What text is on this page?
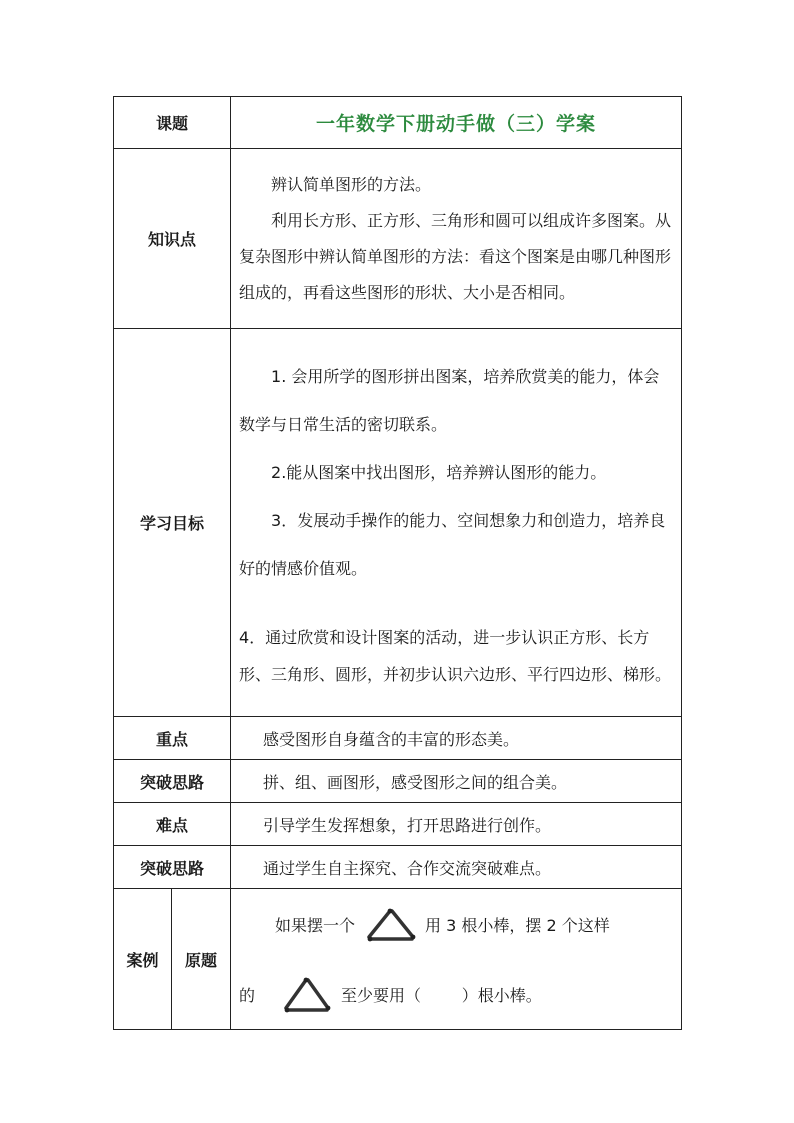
课题		一年数学下册动手做（三）学案
知识点		辨认简单图形的方法。

利用长方形、正方形、三角形和圆可以组成许多图案。从复杂图形中辨认简单图形的方法：看这个图案是由哪几种图形组成的，再看这些图形的形状、大小是否相同。

学习目标		1. 会用所学的图形拼出图案，培养欣赏美的能力，体会数学与日常生活的密切联系。

2.能从图案中找出图形，培养辨认图形的能力。

3．发展动手操作的能力、空间想象力和创造力，培养良好的情感价值观。

4．通过欣赏和设计图案的活动，进一步认识正方形、长方形、三角形、圆形，并初步认识六边形、平行四边形、梯形。

重点		感受图形自身蕴含的丰富的形态美。

突破思路		拼、组、画图形，感受图形之间的组合美。

难点		引导学生发挥想象，打开思路进行创作。

突破思路		通过学生自主探究、合作交流突破难点。

案例	原题	如果摆一个 用 3 根小棒，摆 2 个这样
的 至少要用（        ）根小棒。
